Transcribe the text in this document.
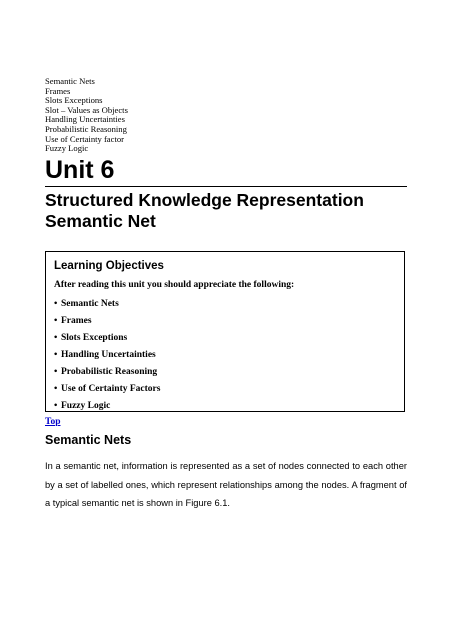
Semantic Nets
Frames
Slots Exceptions
Slot – Values as Objects
Handling Uncertainties
Probabilistic Reasoning
Use of Certainty factor
Fuzzy Logic
Unit 6
Structured Knowledge Representation
Semantic Net
Learning Objectives

After reading this unit you should appreciate the following:

• Semantic Nets
• Frames
• Slots Exceptions
• Handling Uncertainties
• Probabilistic Reasoning
• Use of Certainty Factors
• Fuzzy Logic
Top
Semantic Nets

In a semantic net, information is represented as a set of nodes connected to each other by a set of labelled ones, which represent relationships among the nodes. A fragment of a typical semantic net is shown in Figure 6.1.
